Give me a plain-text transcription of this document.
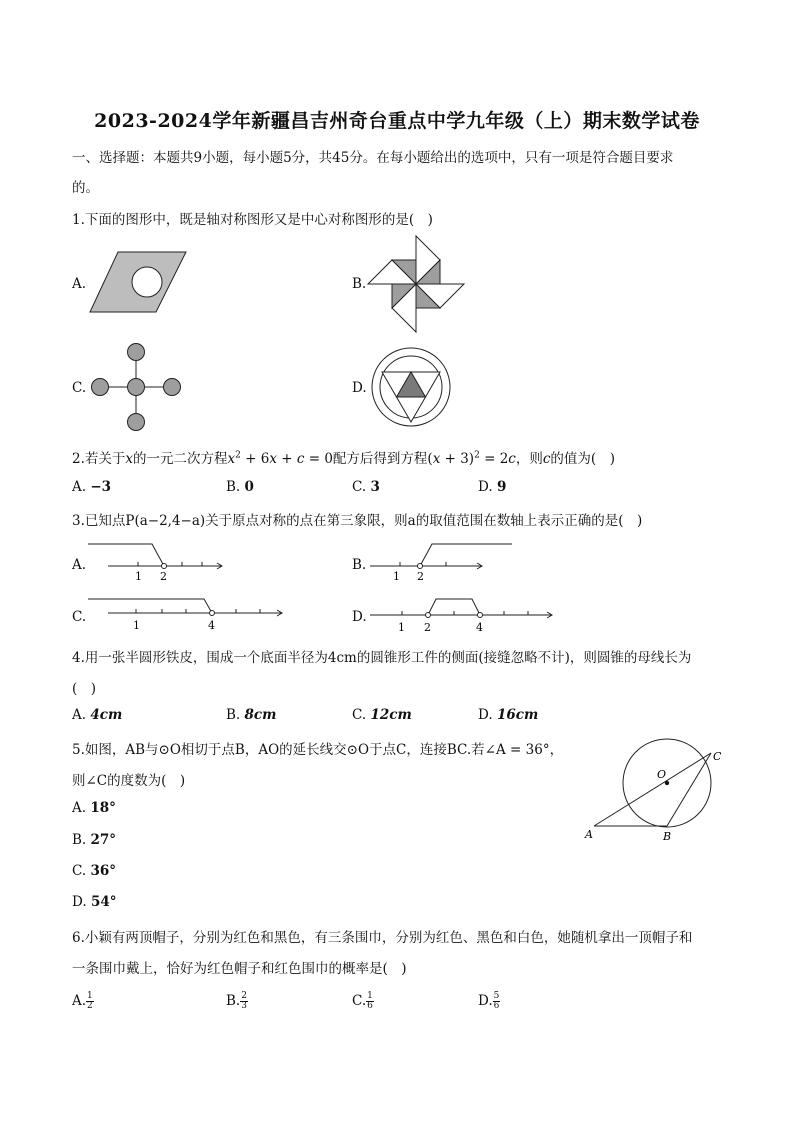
2023-2024学年新疆昌吉州奇台重点中学九年级（上）期末数学试卷
一、选择题：本题共9小题，每小题5分，共45分。在每小题给出的选项中，只有一项是符合题目要求
的。
1.下面的图形中，既是轴对称图形又是中心对称图形的是(　)
A.	B.
C.	D.
2.若关于x的一元二次方程$x^2 + 6x + c = 0$配方后得到方程$(x + 3)^2 = 2c$，则c的值为(　)
A. −3	B. 0	C. 3	D. 9
3.已知点P(a−2,4−a)关于原点对称的点在第三象限，则a的取值范围在数轴上表示正确的是(　)
A.
1 2
B.
1 2
C.
1	4
D.
1 2	4
4.用一张半圆形铁皮，围成一个底面半径为4cm的圆锥形工件的侧面(接缝忽略不计)，则圆锥的母线长为
(　)
A. 4cm	B. 8cm	C. 12cm	D. 16cm
5.如图，AB与⊙O相切于点B，AO的延长线交⊙O于点C，连接BC.若∠A = 36°，
则∠C的度数为(　)
A. 18°
B. 27°
C. 36°
D. 54°
O
C
A	B
6.小颖有两顶帽子，分别为红色和黑色，有三条围巾，分别为红色、黑色和白色，她随机拿出一顶帽子和
一条围巾戴上，恰好为红色帽子和红色围巾的概率是(　)
A. $\frac{1}{2}$	B. $\frac{2}{3}$	C. $\frac{1}{6}$	D. $\frac{5}{6}$
